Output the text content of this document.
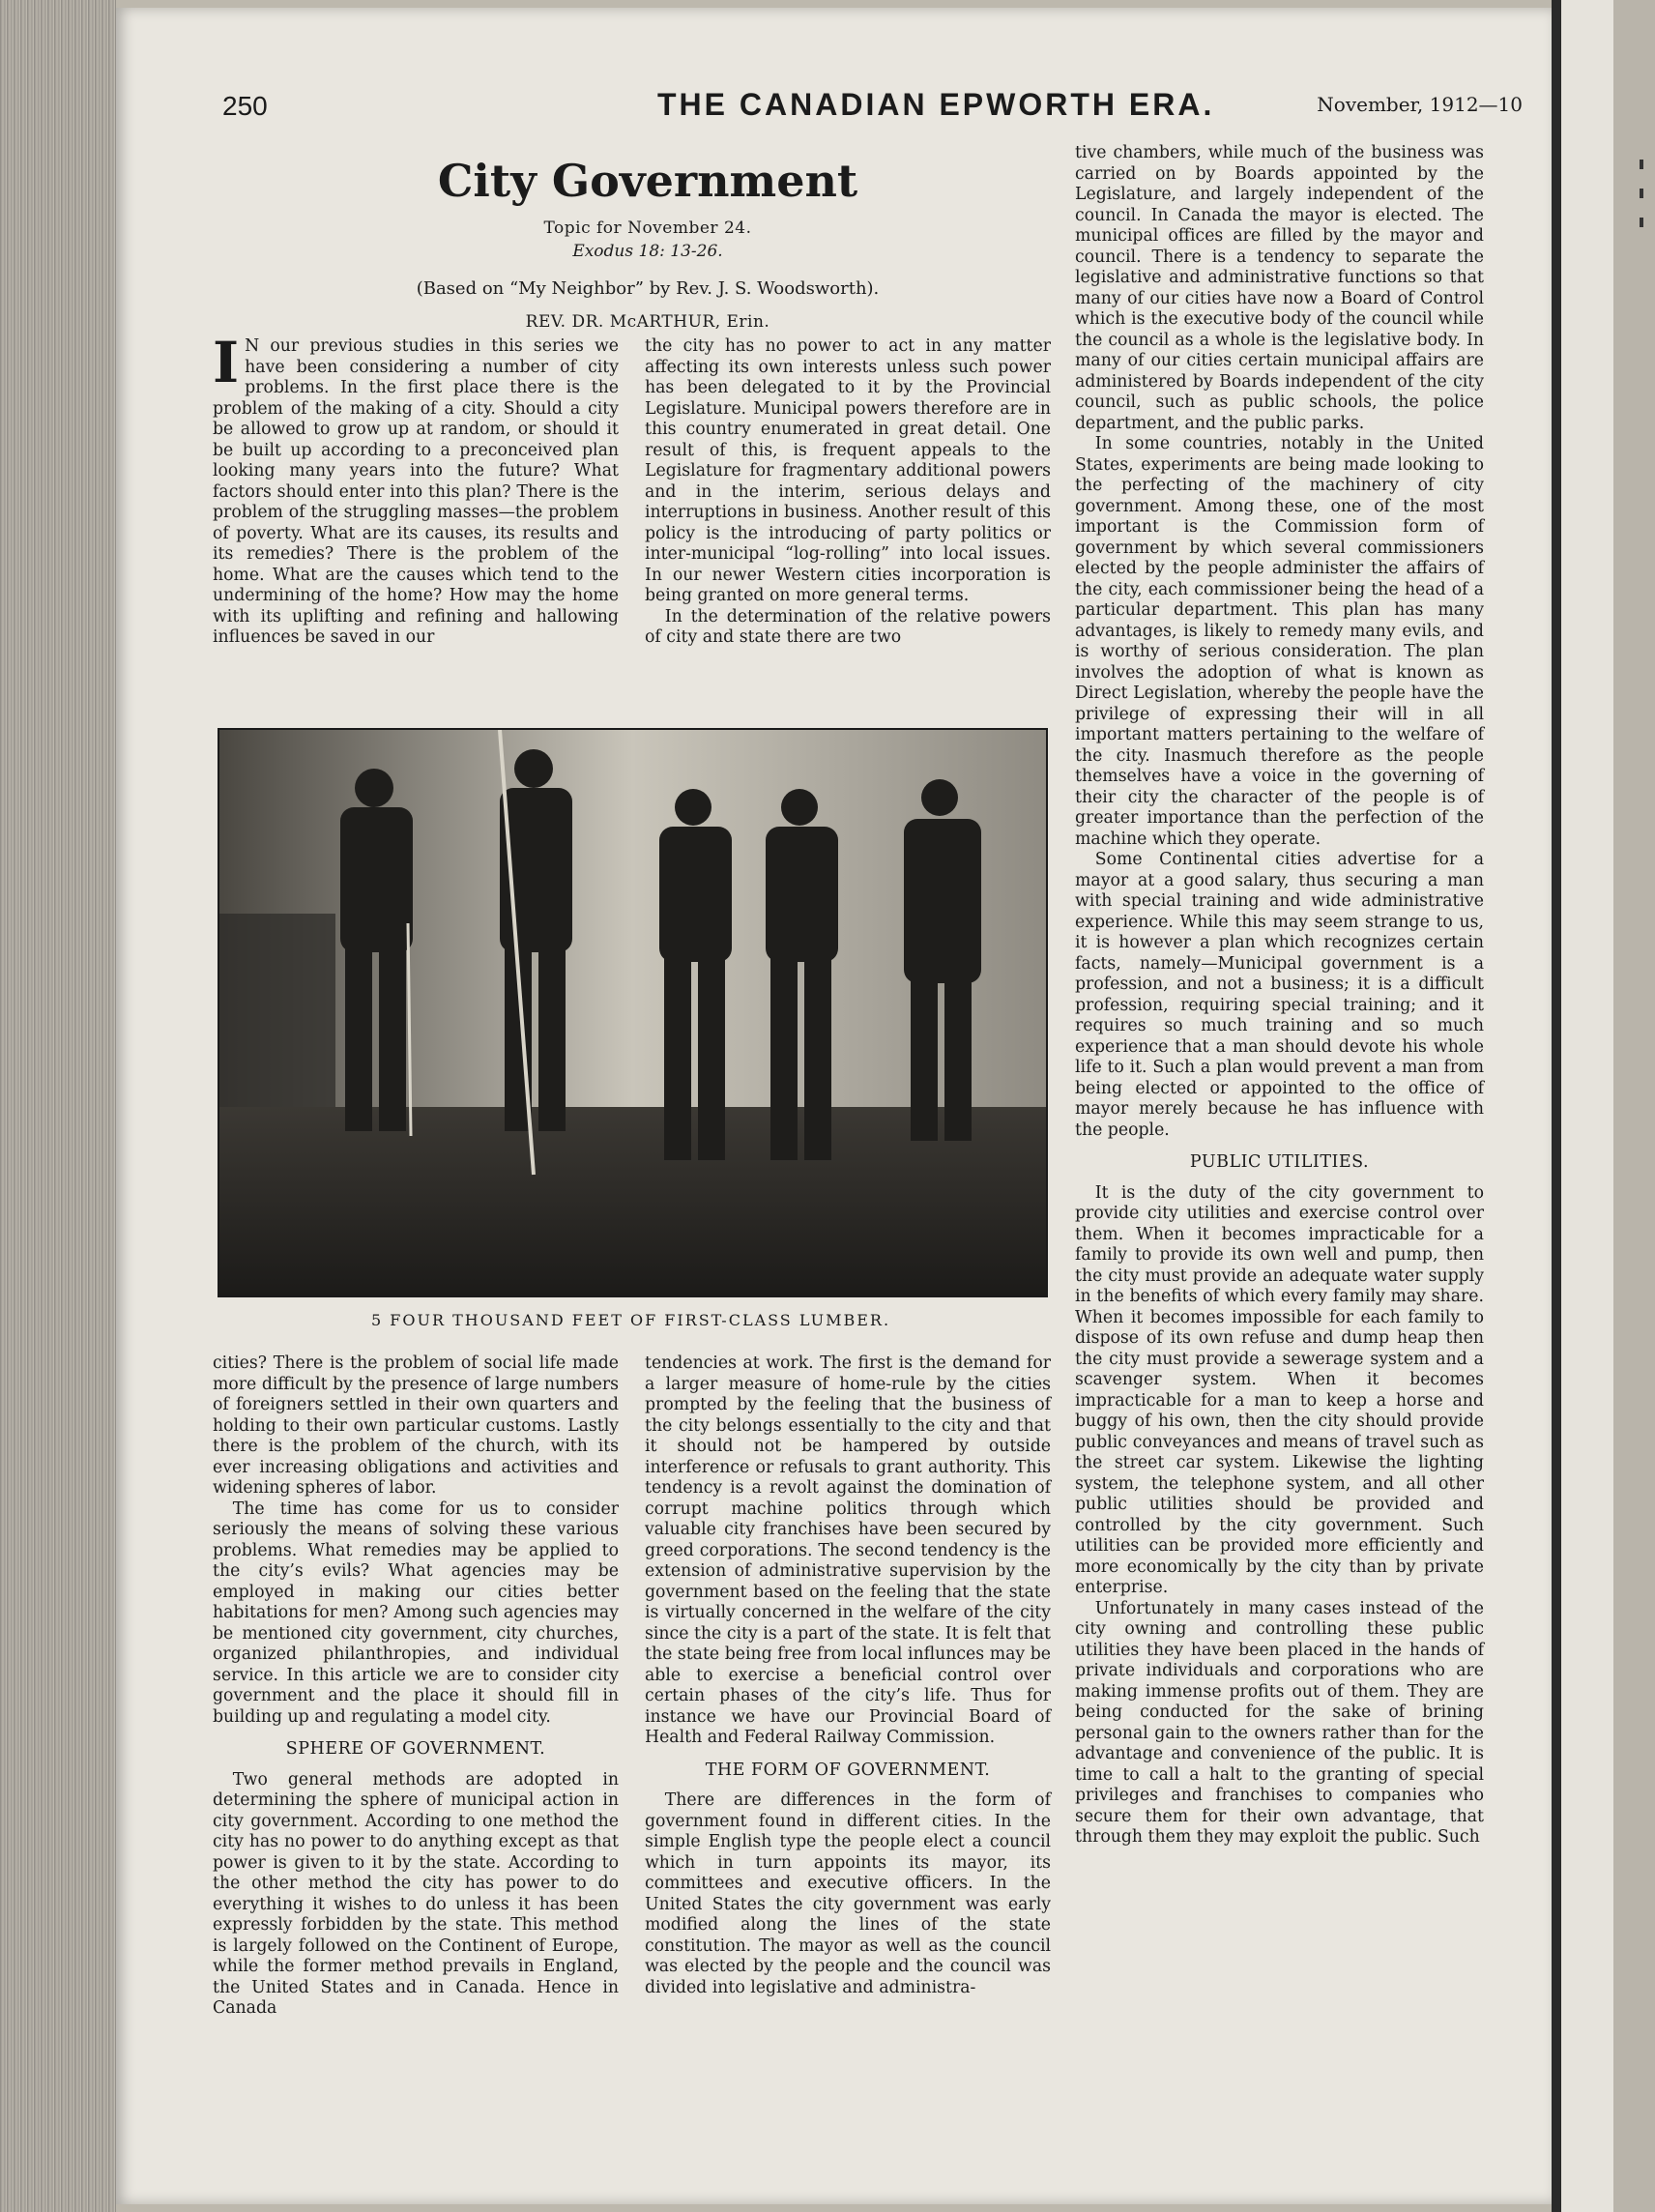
250	THE CANADIAN EPWORTH ERA.	November, 1912—10
City Government
Topic for November 24.
Exodus 18: 13-26.
(Based on “My Neighbor” by Rev. J. S. Woodsworth).
REV. DR. McARTHUR, Erin.

I N our previous studies in this series we have been considering a number of city problems. In the first place there is the problem of the making of a city. Should a city be allowed to grow up at random, or should it be built up according to a preconceived plan looking many years into the future? What factors should enter into this plan? There is the problem of the struggling masses—the problem of poverty. What are its causes, its results and its remedies? There is the problem of the home. What are the causes which tend to the undermining of the home? How may the home with its uplifting and refining and hallowing influences be saved in our

the city has no power to act in any matter affecting its own interests unless such power has been delegated to it by the Provincial Legislature. Municipal powers therefore are in this country enumerated in great detail. One result of this, is frequent appeals to the Legislature for fragmentary additional powers and in the interim, serious delays and interruptions in business. Another result of this policy is the introducing of party politics or inter-municipal “log-rolling” into local issues. In our newer Western cities incorporation is being granted on more general terms.

In the determination of the relative powers of city and state there are two

tive chambers, while much of the business was carried on by Boards appointed by the Legislature, and largely independent of the council. In Canada the mayor is elected. The municipal offices are filled by the mayor and council. There is a tendency to separate the legislative and administrative functions so that many of our cities have now a Board of Control which is the executive body of the council while the council as a whole is the legislative body. In many of our cities certain municipal affairs are administered by Boards independent of the city council, such as public schools, the police department, and the public parks.

In some countries, notably in the United States, experiments are being made looking to the perfecting of the machinery of city government. Among these, one of the most important is the Commission form of government by which several commissioners elected by the people administer the affairs of the city, each commissioner being the head of a particular department. This plan has many advantages, is likely to remedy many evils, and is worthy of serious consideration. The plan involves the adoption of what is known as Direct Legislation, whereby the people have the privilege of expressing their will in all important matters pertaining to the welfare of the city. Inasmuch therefore as the people themselves have a voice in the governing of their city the character of the people is of greater importance than the perfection of the machine which they operate.

Some Continental cities advertise for a mayor at a good salary, thus securing a man with special training and wide administrative experience. While this may seem strange to us, it is however a plan which recognizes certain facts, namely—Municipal government is a profession, and not a business; it is a difficult profession, requiring special training; and it requires so much training and so much experience that a man should devote his whole life to it. Such a plan would prevent a man from being elected or appointed to the office of mayor merely because he has influence with the people.

PUBLIC UTILITIES.

It is the duty of the city government to provide city utilities and exercise control over them. When it becomes impracticable for a family to provide its own well and pump, then the city must provide an adequate water supply in the benefits of which every family may share. When it becomes impossible for each family to dispose of its own refuse and dump heap then the city must provide a sewerage system and a scavenger system. When it becomes impracticable for a man to keep a horse and buggy of his own, then the city should provide public conveyances and means of travel such as the street car system. Likewise the lighting system, the telephone system, and all other public utilities should be provided and controlled by the city government. Such utilities can be provided more efficiently and more economically by the city than by private enterprise.

Unfortunately in many cases instead of the city owning and controlling these public utilities they have been placed in the hands of private individuals and corporations who are making immense profits out of them. They are being conducted for the sake of brining personal gain to the owners rather than for the advantage and convenience of the public. It is time to call a halt to the granting of special privileges and franchises to companies who secure them for their own advantage, that through them they may exploit the public. Such

5 FOUR THOUSAND FEET OF FIRST-CLASS LUMBER.

cities? There is the problem of social life made more difficult by the presence of large numbers of foreigners settled in their own quarters and holding to their own particular customs. Lastly there is the problem of the church, with its ever increasing obligations and activities and widening spheres of labor.

The time has come for us to consider seriously the means of solving these various problems. What remedies may be applied to the city’s evils? What agencies may be employed in making our cities better habitations for men? Among such agencies may be mentioned city government, city churches, organized philanthropies, and individual service. In this article we are to consider city government and the place it should fill in building up and regulating a model city.

SPHERE OF GOVERNMENT.

Two general methods are adopted in determining the sphere of municipal action in city government. According to one method the city has no power to do anything except as that power is given to it by the state. According to the other method the city has power to do everything it wishes to do unless it has been expressly forbidden by the state. This method is largely followed on the Continent of Europe, while the former method prevails in England, the United States and in Canada. Hence in Canada

tendencies at work. The first is the demand for a larger measure of home-rule by the cities prompted by the feeling that the business of the city belongs essentially to the city and that it should not be hampered by outside interference or refusals to grant authority. This tendency is a revolt against the domination of corrupt machine politics through which valuable city franchises have been secured by greed corporations. The second tendency is the extension of administrative supervision by the government based on the feeling that the state is virtually concerned in the welfare of the city since the city is a part of the state. It is felt that the state being free from local influnces may be able to exercise a beneficial control over certain phases of the city’s life. Thus for instance we have our Provincial Board of Health and Federal Railway Commission.

THE FORM OF GOVERNMENT.

There are differences in the form of government found in different cities. In the simple English type the people elect a council which in turn appoints its mayor, its committees and executive officers. In the United States the city government was early modified along the lines of the state constitution. The mayor as well as the council was elected by the people and the council was divided into legislative and administra-
